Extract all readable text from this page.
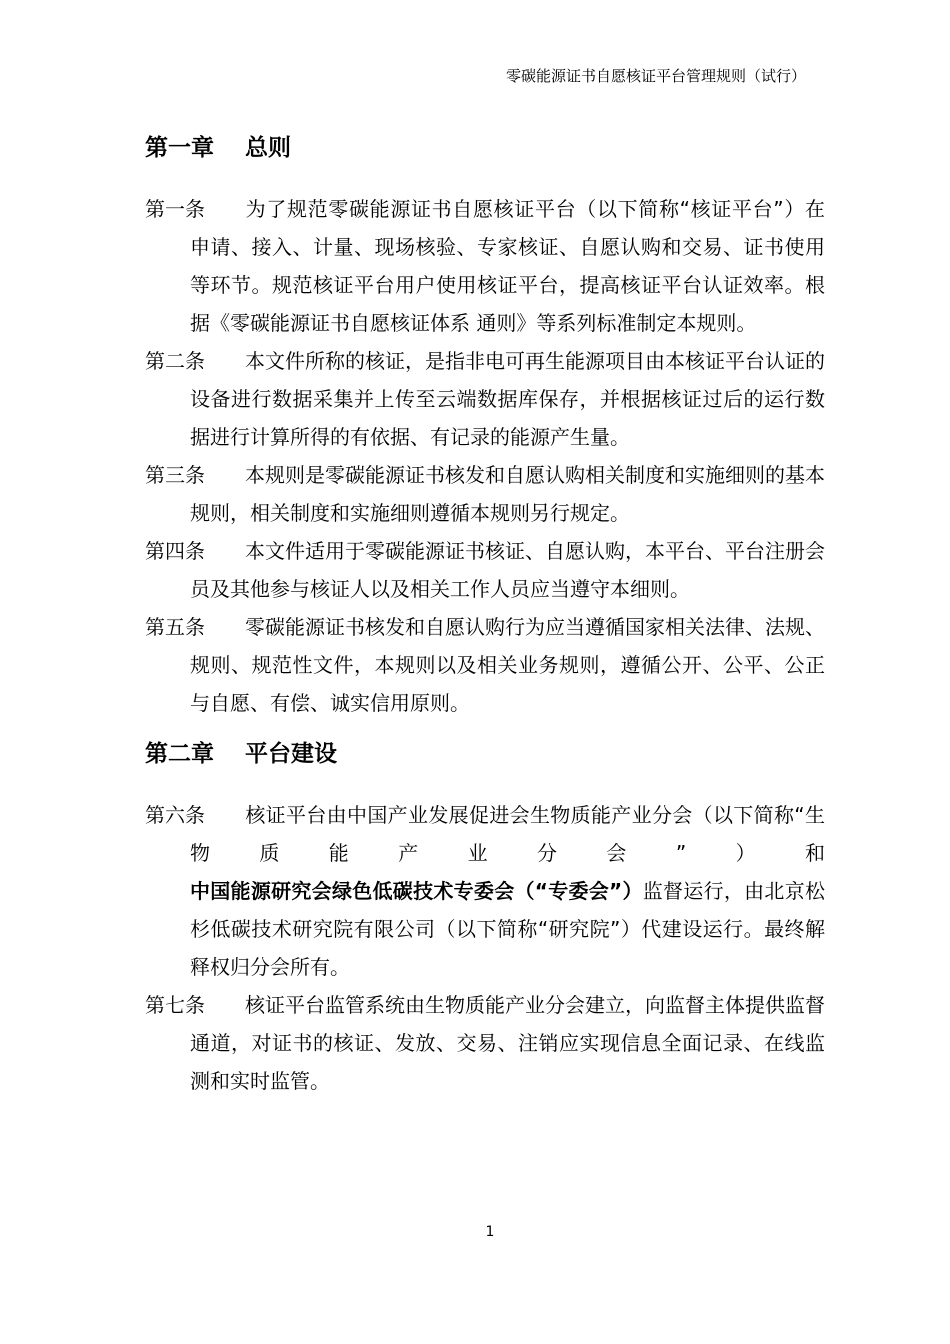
零碳能源证书自愿核证平台管理规则（试行）
第一章 总则

第一条 为了规范零碳能源证书自愿核证平台（以下简称“核证平台”）在申请、接入、计量、现场核验、专家核证、自愿认购和交易、证书使用等环节。规范核证平台用户使用核证平台，提高核证平台认证效率。根据《零碳能源证书自愿核证体系 通则》等系列标准制定本规则。

第二条 本文件所称的核证，是指非电可再生能源项目由本核证平台认证的设备进行数据采集并上传至云端数据库保存，并根据核证过后的运行数据进行计算所得的有依据、有记录的能源产生量。

第三条 本规则是零碳能源证书核发和自愿认购相关制度和实施细则的基本规则，相关制度和实施细则遵循本规则另行规定。

第四条 本文件适用于零碳能源证书核证、自愿认购，本平台、平台注册会员及其他参与核证人以及相关工作人员应当遵守本细则。

第五条 零碳能源证书核发和自愿认购行为应当遵循国家相关法律、法规、规则、规范性文件，本规则以及相关业务规则，遵循公开、公平、公正与自愿、有偿、诚实信用原则。

第二章 平台建设

第六条 核证平台由中国产业发展促进会生物质能产业分会（以下简称“生物质能产业分会”）和中国能源研究会绿色低碳技术专委会（“专委会”）监督运行，由北京松杉低碳技术研究院有限公司（以下简称“研究院”）代建设运行。最终解释权归分会所有。

第七条 核证平台监管系统由生物质能产业分会建立，向监督主体提供监督通道，对证书的核证、发放、交易、注销应实现信息全面记录、在线监测和实时监管。

1
